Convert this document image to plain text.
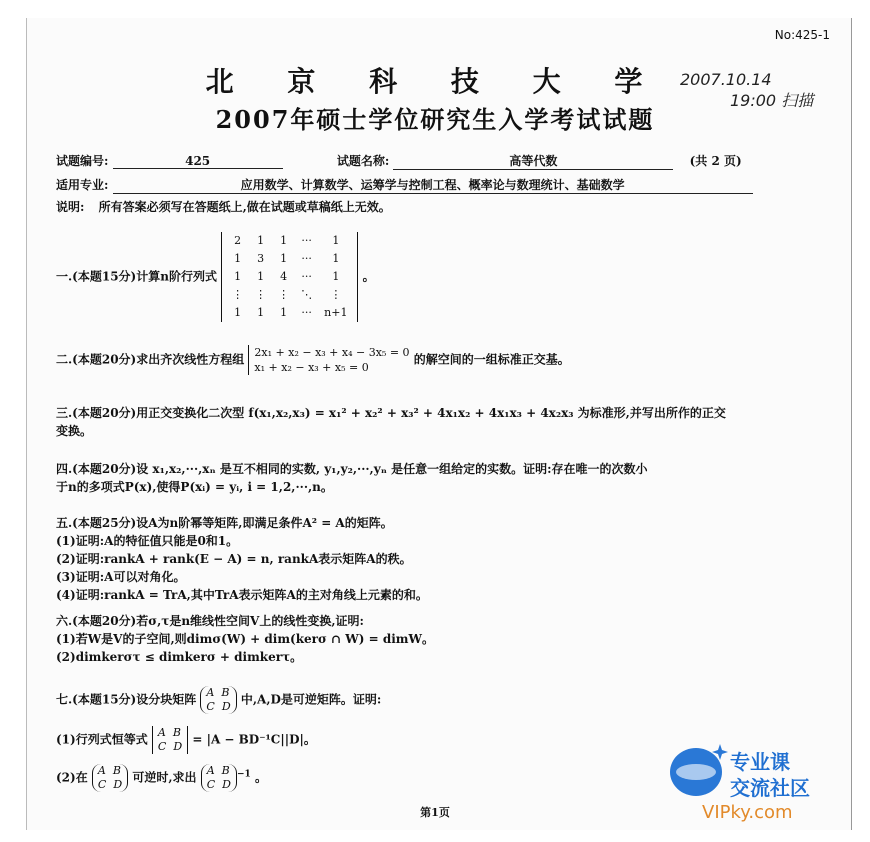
No:425-1
北 京 科 技 大 学
2007年硕士学位研究生入学考试试题
2007.10.14
19:00 扫描
试题编号:	425	试题名称:	高等代数	(共 2 页)
适用专业:	应用数学、计算数学、运筹学与控制工程、概率论与数理统计、基础数学
说明: 所有答案必须写在答题纸上,做在试题或草稿纸上无效。
一.(本题15分)计算n阶行列式
2	1	1	···	1
1	3	1	···	1
1	1	4	···	1
⋮	⋮	⋮	⋱	⋮
1	1	1	···	n+1
。
二.(本题20分)求出齐次线性方程组 2x₁ + x₂ − x₃ + x₄ − 3x₅ = 0
x₁ + x₂ − x₃ + x₅ = 0
的解空间的一组标准正交基。
三.(本题20分)用正交变换化二次型 f(x₁,x₂,x₃) = x₁² + x₂² + x₃² + 4x₁x₂ + 4x₁x₃ + 4x₂x₃ 为标准形,并写出所作的正交
变换。
四.(本题20分)设 x₁,x₂,···,xₙ 是互不相同的实数, y₁,y₂,···,yₙ 是任意一组给定的实数。证明:存在唯一的次数小
于n的多项式P(x),使得P(xᵢ) = yᵢ, i = 1,2,···,n。
五.(本题25分)设A为n阶幂等矩阵,即满足条件A² = A的矩阵。
(1)证明:A的特征值只能是0和1。
(2)证明:rankA + rank(E − A) = n, rankA表示矩阵A的秩。
(3)证明:A可以对角化。
(4)证明:rankA = TrA,其中TrA表示矩阵A的主对角线上元素的和。
六.(本题20分)若σ,τ是n维线性空间V上的线性变换,证明:
(1)若W是V的子空间,则dimσ(W) + dim(kerσ ∩ W) = dimW。
(2)dimkerστ ≤ dimkerσ + dimkerτ。
七.(本题15分)设分块矩阵 A B
C D 中,A,D是可逆矩阵。证明:
(1)行列式恒等式 A B
C D = |A − BD⁻¹C||D|。
(2)在 A B
C D 可逆时,求出 A B
C $D^{-1}$ 。
第1页
专业课
交流社区
VIPky.com
